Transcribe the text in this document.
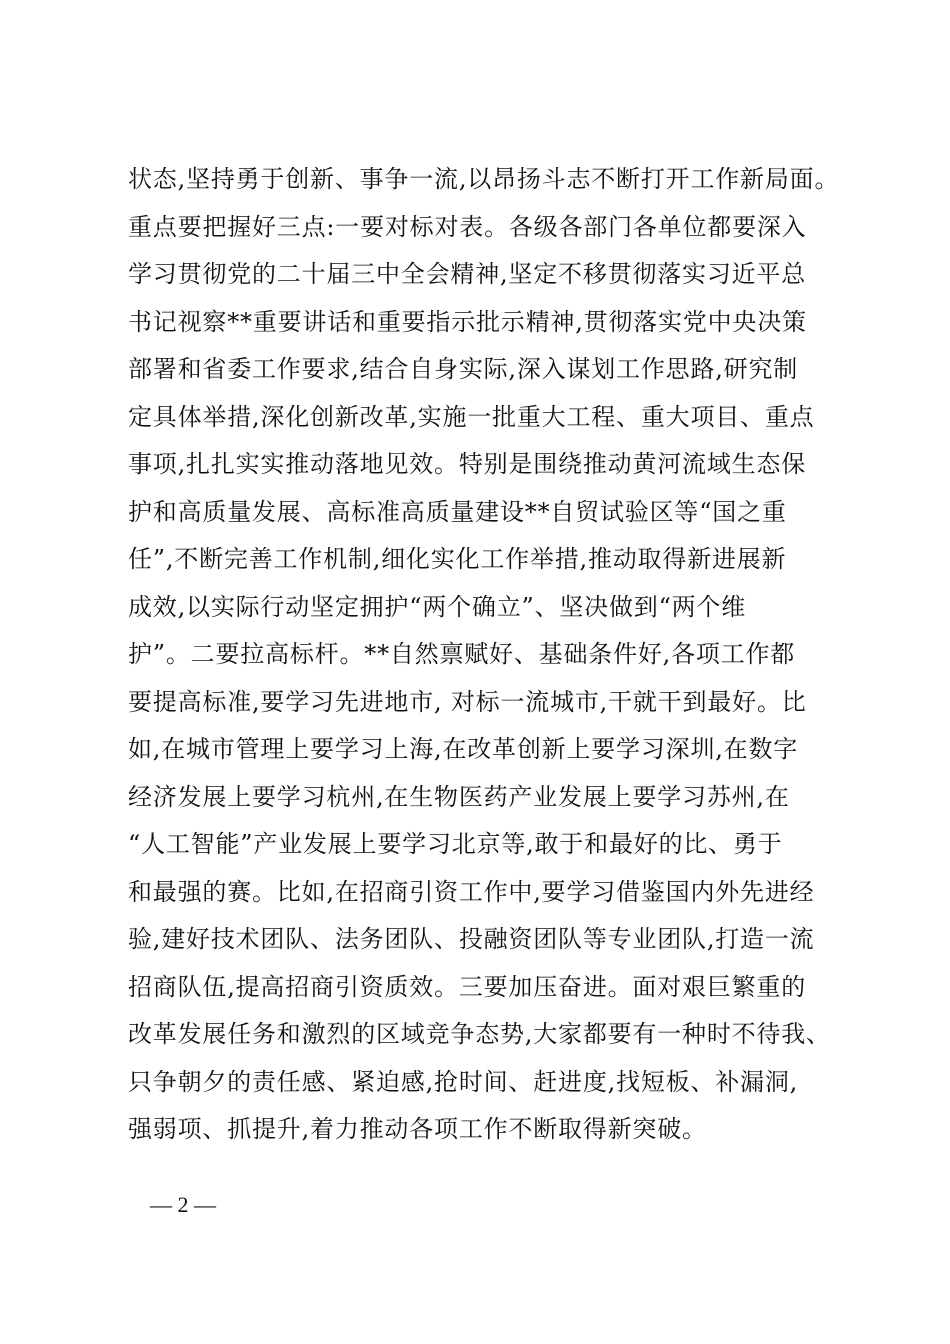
状态,坚持勇于创新、事争一流,以昂扬斗志不断打开工作新局面。
重点要把握好三点:一要对标对表。各级各部门各单位都要深入
学习贯彻党的二十届三中全会精神,坚定不移贯彻落实习近平总
书记视察**重要讲话和重要指示批示精神,贯彻落实党中央决策
部署和省委工作要求,结合自身实际,深入谋划工作思路,研究制
定具体举措,深化创新改革,实施一批重大工程、重大项目、重点
事项,扎扎实实推动落地见效。特别是围绕推动黄河流域生态保
护和高质量发展、高标准高质量建设**自贸试验区等“国之重
任”,不断完善工作机制,细化实化工作举措,推动取得新进展新
成效,以实际行动坚定拥护“两个确立”、坚决做到“两个维
护”。二要拉高标杆。**自然禀赋好、基础条件好,各项工作都
要提高标准,要学习先进地市, 对标一流城市,干就干到最好。比
如,在城市管理上要学习上海,在改革创新上要学习深圳,在数字
经济发展上要学习杭州,在生物医药产业发展上要学习苏州,在
“人工智能”产业发展上要学习北京等,敢于和最好的比、勇于
和最强的赛。比如,在招商引资工作中,要学习借鉴国内外先进经
验,建好技术团队、法务团队、投融资团队等专业团队,打造一流
招商队伍,提高招商引资质效。三要加压奋进。面对艰巨繁重的
改革发展任务和激烈的区域竞争态势,大家都要有一种时不待我、
只争朝夕的责任感、紧迫感,抢时间、赶进度,找短板、补漏洞,
强弱项、抓提升,着力推动各项工作不断取得新突破。
— 2 —
